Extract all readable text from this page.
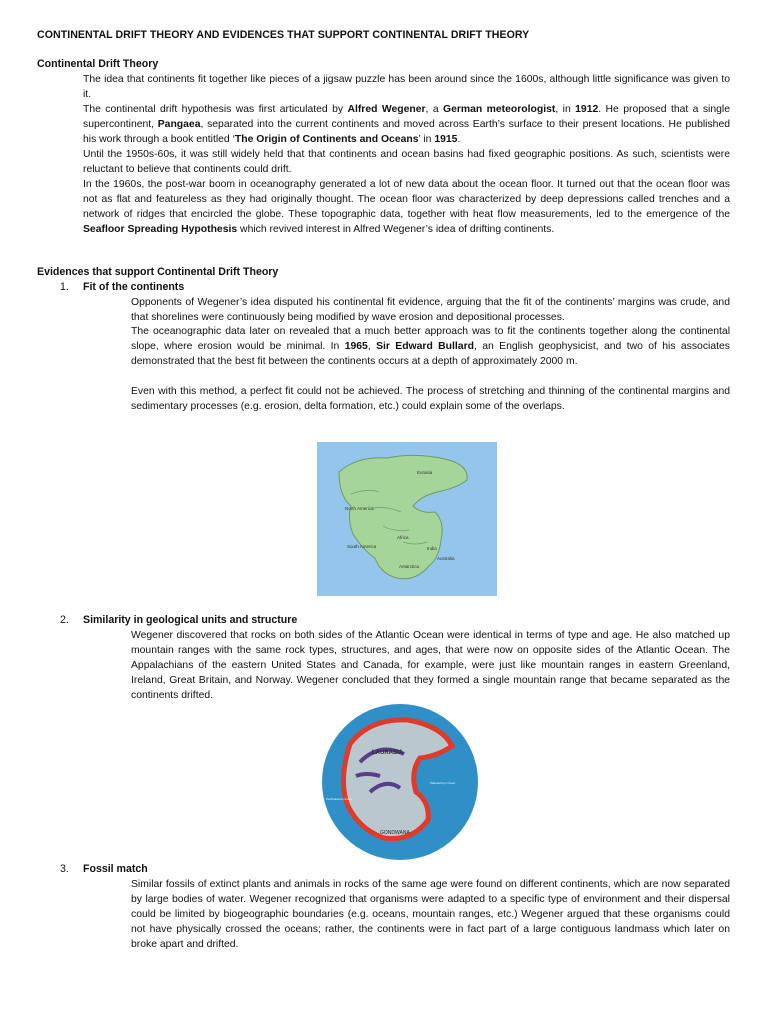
CONTINENTAL DRIFT THEORY AND EVIDENCES THAT SUPPORT CONTINENTAL DRIFT THEORY
Continental Drift Theory
The idea that continents fit together like pieces of a jigsaw puzzle has been around since the 1600s, although little significance was given to it.
The continental drift hypothesis was first articulated by Alfred Wegener, a German meteorologist, in 1912. He proposed that a single supercontinent, Pangaea, separated into the current continents and moved across Earth’s surface to their present locations. He published his work through a book entitled ‘The Origin of Continents and Oceans’ in 1915.
Until the 1950s-60s, it was still widely held that that continents and ocean basins had fixed geographic positions. As such, scientists were reluctant to believe that continents could drift.
In the 1960s, the post-war boom in oceanography generated a lot of new data about the ocean floor. It turned out that the ocean floor was not as flat and featureless as they had originally thought. The ocean floor was characterized by deep depressions called trenches and a network of ridges that encircled the globe. These topographic data, together with heat flow measurements, led to the emergence of the Seafloor Spreading Hypothesis which revived interest in Alfred Wegener’s idea of drifting continents.
Evidences that support Continental Drift Theory
1. Fit of the continents
Opponents of Wegener’s idea disputed his continental fit evidence, arguing that the fit of the continents’ margins was crude, and that shorelines were continuously being modified by wave erosion and depositional processes.
The oceanographic data later on revealed that a much better approach was to fit the continents together along the continental slope, where erosion would be minimal. In 1965, Sir Edward Bullard, an English geophysicist, and two of his associates demonstrated that the best fit between the continents occurs at a depth of approximately 2000 m.
Even with this method, a perfect fit could not be achieved. The process of stretching and thinning of the continental margins and sedimentary processes (e.g. erosion, delta formation, etc.) could explain some of the overlaps.
Eurasia
North America
South America
Africa
India
Australia
Antarctica
2. Similarity in geological units and structure
Wegener discovered that rocks on both sides of the Atlantic Ocean were identical in terms of type and age. He also matched up mountain ranges with the same rock types, structures, and ages, that were now on opposite sides of the Atlantic Ocean. The Appalachians of the eastern United States and Canada, for example, were just like mountain ranges in eastern Greenland, Ireland, Great Britain, and Norway. Wegener concluded that they formed a single mountain range that became separated as the continents drifted.
LAURASIA
GONDWANA
Panthalassa Ocean
Paleotethys Ocean
3. Fossil match
Similar fossils of extinct plants and animals in rocks of the same age were found on different continents, which are now separated by large bodies of water. Wegener recognized that organisms were adapted to a specific type of environment and their dispersal could be limited by biogeographic boundaries (e.g. oceans, mountain ranges, etc.) Wegener argued that these organisms could not have physically crossed the oceans; rather, the continents were in fact part of a large contiguous landmass which later on broke apart and drifted.
